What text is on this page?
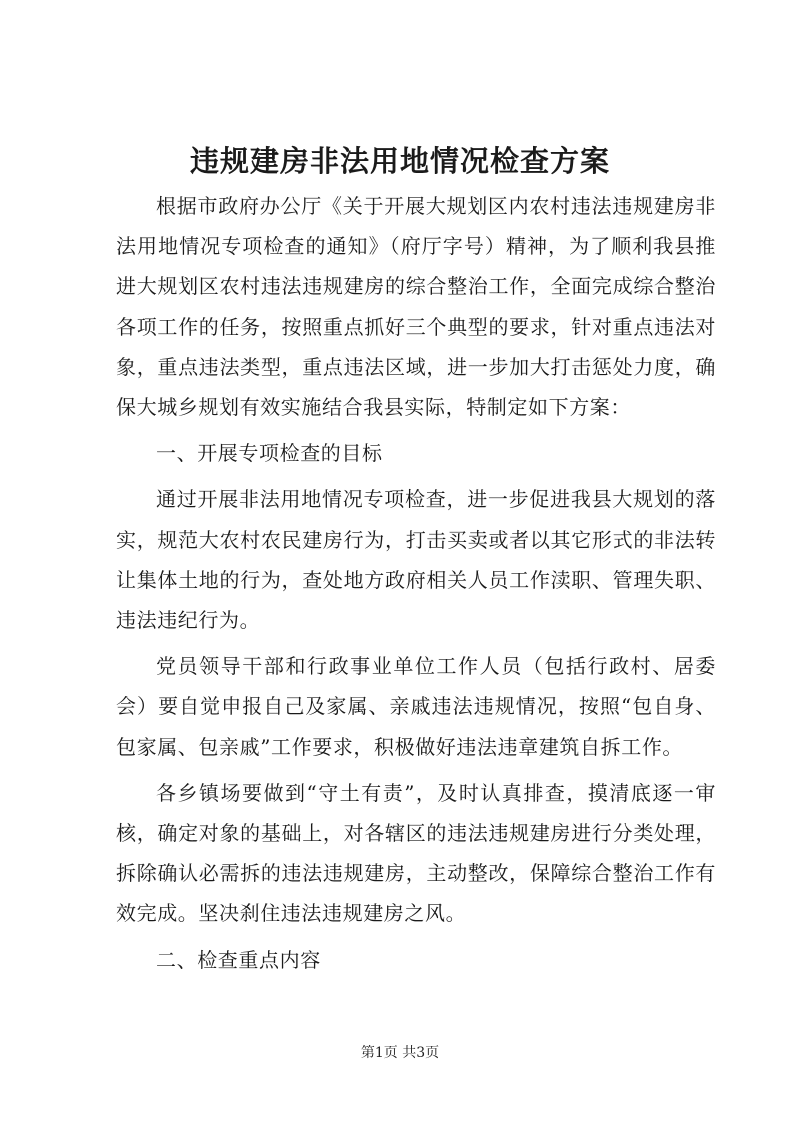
违规建房非法用地情况检查方案

根据市政府办公厅《关于开展大规划区内农村违法违规建房非法用地情况专项检查的通知》（府厅字号）精神，为了顺利我县推进大规划区农村违法违规建房的综合整治工作，全面完成综合整治各项工作的任务，按照重点抓好三个典型的要求，针对重点违法对象，重点违法类型，重点违法区域，进一步加大打击惩处力度，确保大城乡规划有效实施结合我县实际，特制定如下方案：

一、开展专项检查的目标

通过开展非法用地情况专项检查，进一步促进我县大规划的落实，规范大农村农民建房行为，打击买卖或者以其它形式的非法转让集体土地的行为，查处地方政府相关人员工作渎职、管理失职、违法违纪行为。

党员领导干部和行政事业单位工作人员（包括行政村、居委会）要自觉申报自己及家属、亲戚违法违规情况，按照“包自身、包家属、包亲戚”工作要求，积极做好违法违章建筑自拆工作。

各乡镇场要做到“守土有责”，及时认真排查，摸清底逐一审核，确定对象的基础上，对各辖区的违法违规建房进行分类处理，拆除确认必需拆的违法违规建房，主动整改，保障综合整治工作有效完成。坚决刹住违法违规建房之风。

二、检查重点内容

第1页 共3页
